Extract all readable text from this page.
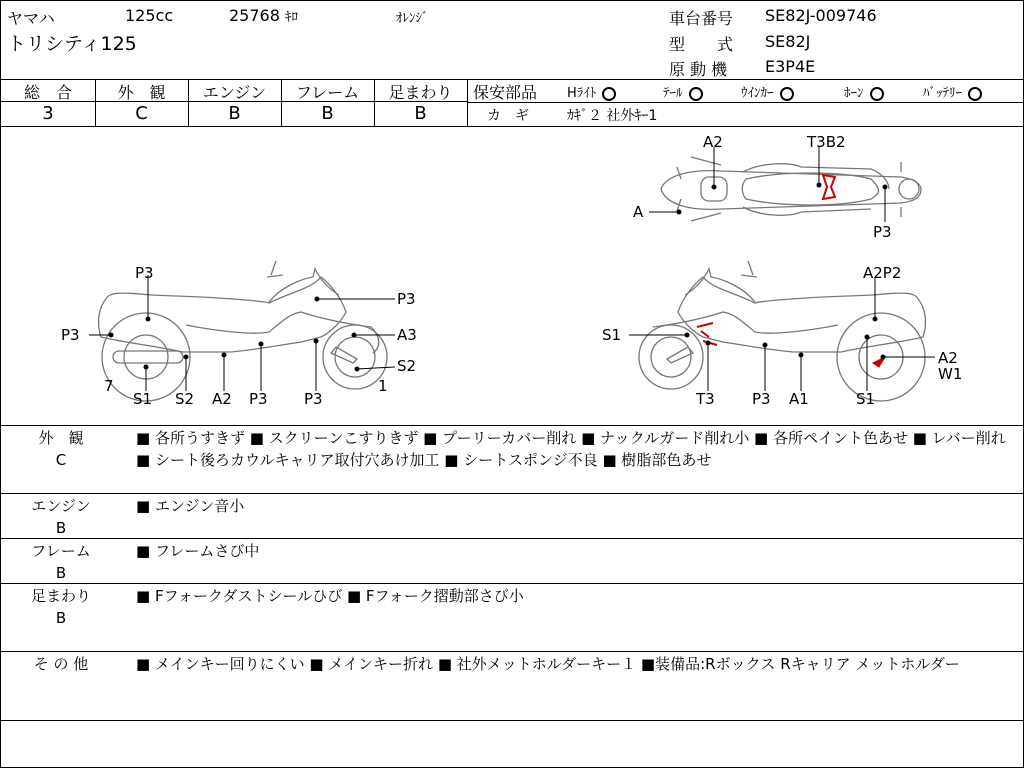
ヤマハ	125cc	25768 ｷﾛ	ｵﾚﾝｼﾞ
トリシティ125
車台番号 SE82J-009746
型　　式 SE82J
原 動 機 E3P4E
総　合	外　観	エンジン	フレーム	足まわり
3	C	B	B	B
保安部品 Hﾗｲﾄ	ﾃｰﾙ	ｳｲﾝｶｰ	ﾎｰﾝ	ﾊﾞｯﾃﾘｰ
カ　ギ	ｶｷﾞ２ 社外ｷｰ1
A2	T3B2
A
P3
P3
P3
P3	A3
S2
7
S1 S2 A2 P3 P3
1
A2P2
S1
A2
W1
T3 P3 A1	S1
外　観
C
■ 各所うすきず ■ スクリーンこすりきず ■ プーリーカバー削れ ■ ナックルガード削れ小 ■ 各所ペイント色あせ ■ レバー削れ ■ シート後ろカウルキャリア取付穴あけ加工 ■ シートスポンジ不良 ■ 樹脂部色あせ
エンジン
B
■ エンジン音小
フレーム
B
■ フレームさび中
足まわり
B
■ Fフォークダストシールひび ■ Fフォーク摺動部さび小
そ の 他	■ メインキー回りにくい ■ メインキー折れ ■ 社外メットホルダーキー１ ■装備品:Rボックス Rキャリア メットホルダー
